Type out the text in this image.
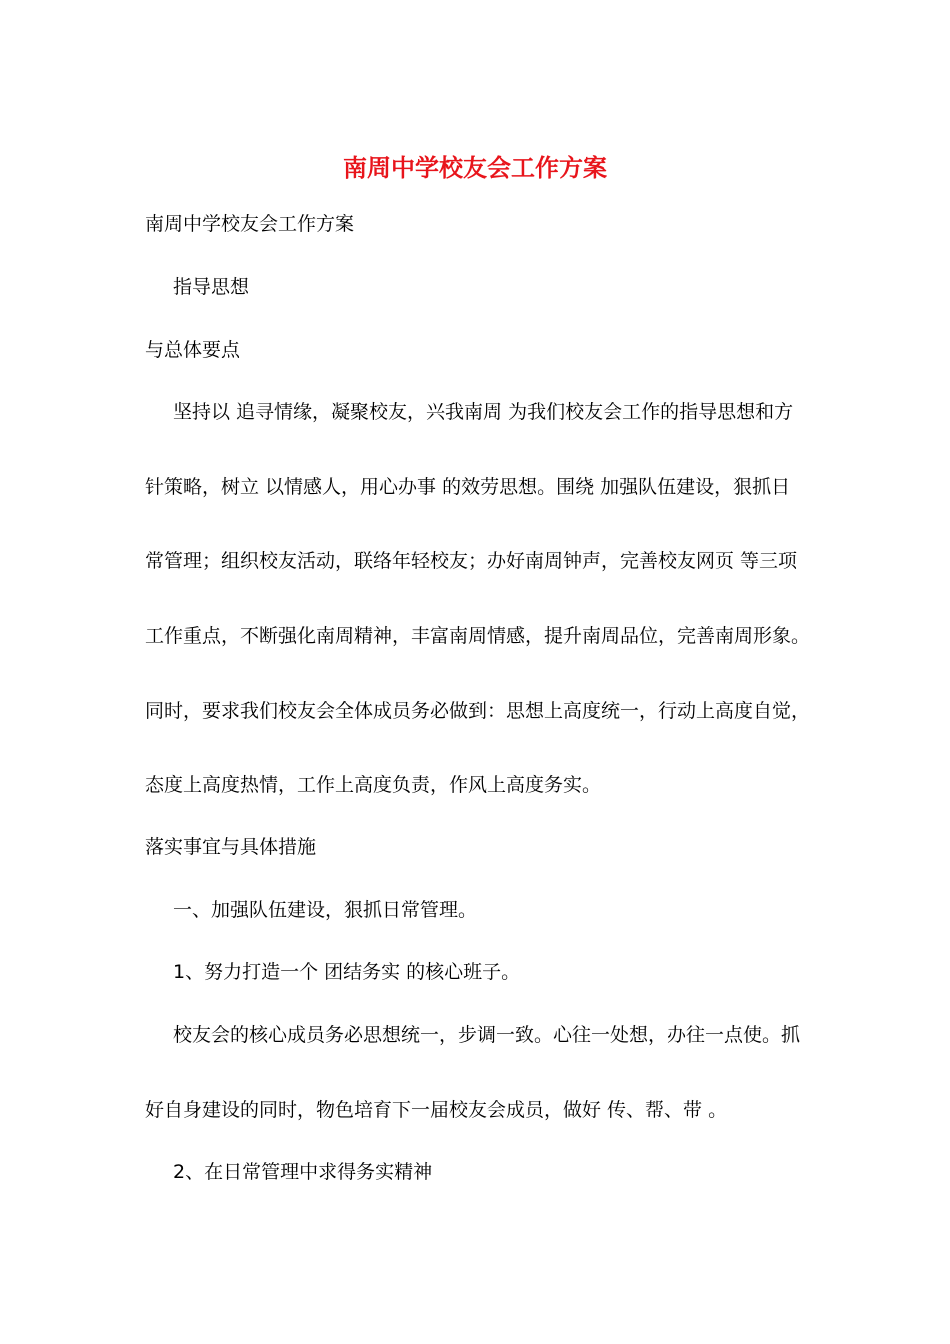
南周中学校友会工作方案

南周中学校友会工作方案

指导思想

与总体要点

坚持以 追寻情缘，凝聚校友，兴我南周 为我们校友会工作的指导思想和方

针策略，树立 以情感人，用心办事 的效劳思想。围绕 加强队伍建设，狠抓日

常管理；组织校友活动，联络年轻校友；办好南周钟声，完善校友网页 等三项

工作重点，不断强化南周精神，丰富南周情感，提升南周品位，完善南周形象。

同时，要求我们校友会全体成员务必做到：思想上高度统一，行动上高度自觉，

态度上高度热情，工作上高度负责，作风上高度务实。

落实事宜与具体措施

一、加强队伍建设，狠抓日常管理。

1、努力打造一个 团结务实 的核心班子。

校友会的核心成员务必思想统一，步调一致。心往一处想，办往一点使。抓

好自身建设的同时，物色培育下一届校友会成员，做好 传、帮、带 。

2、在日常管理中求得务实精神
